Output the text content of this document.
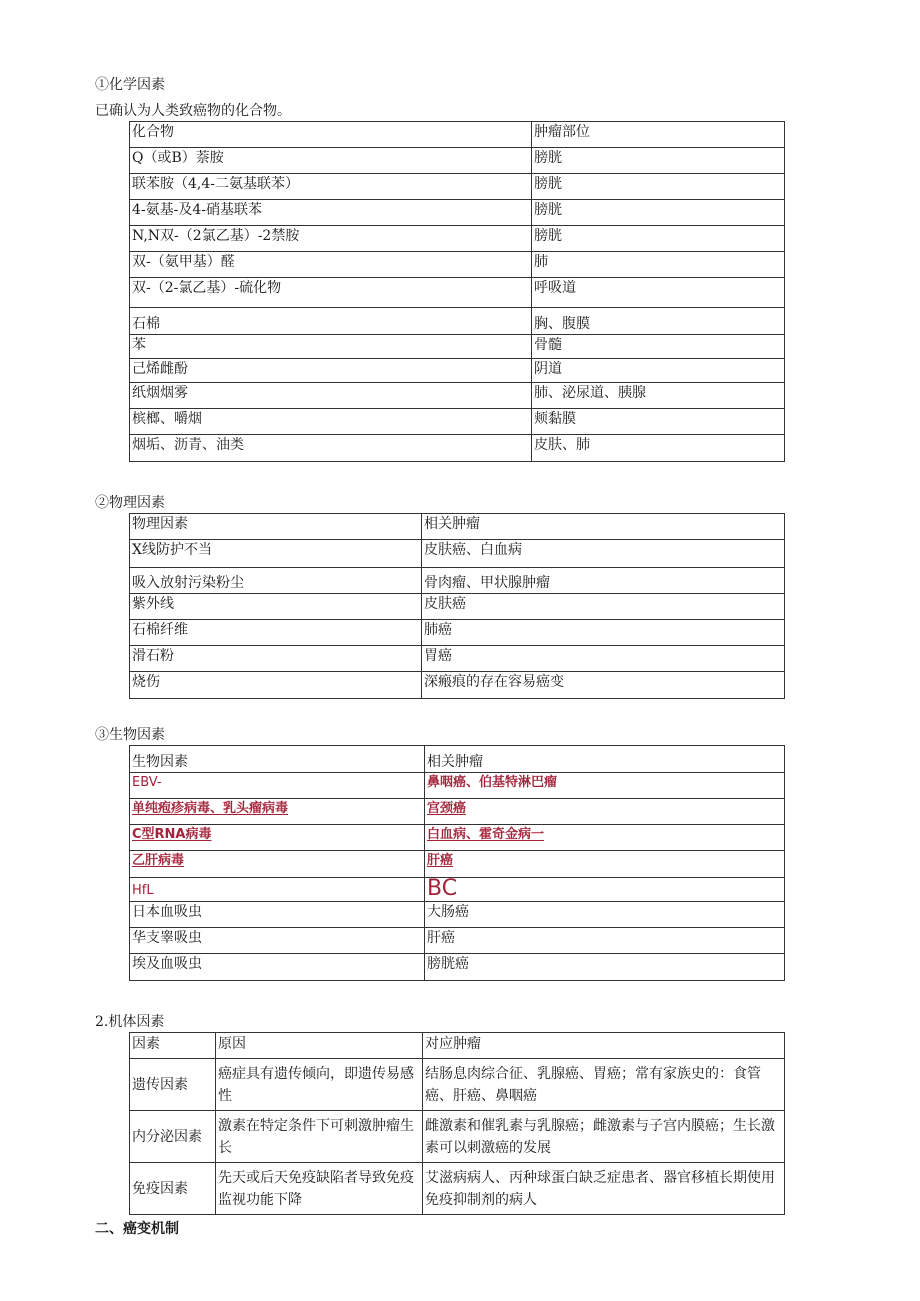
①化学因素
已确认为人类致癌物的化合物。
化合物	肿瘤部位
Q（或B）萘胺	膀胱
联苯胺（4,4-二氨基联苯）	膀胱
4-氨基-及4-硝基联苯	膀胱
N,N双-（2氯乙基）-2禁胺	膀胱
双-（氨甲基）醛	肺
双-（2-氯乙基）-硫化物	呼吸道
石棉	胸、腹膜
苯	骨髓
己烯雌酚	阴道
纸烟烟雾	肺、泌尿道、胰腺
槟榔、嚼烟	颊黏膜
烟垢、沥青、油类	皮肤、肺
②物理因素
物理因素	相关肿瘤
X线防护不当	皮肤癌、白血病
吸入放射污染粉尘	骨肉瘤、甲状腺肿瘤
紫外线	皮肤癌
石棉纤维	肺癌
滑石粉	胃癌
烧伤	深瘢痕的存在容易癌变
③生物因素
生物因素	相关肿瘤
EBV-	鼻咽癌、伯基特淋巴瘤
单纯疱疹病毒、乳头瘤病毒	宫颈癌
C型RNA病毒	白血病、霍奇金病一
乙肝病毒	肝癌
HfL	BC
日本血吸虫	大肠癌
华支睾吸虫	肝癌
埃及血吸虫	膀胱癌
2.机体因素
因素	原因	对应肿瘤
遗传因素	癌症具有遗传倾向，即遗传易感性	结肠息肉综合征、乳腺癌、胃癌；常有家族史的：食管癌、肝癌、鼻咽癌
内分泌因素	激素在特定条件下可刺激肿瘤生长	雌激素和催乳素与乳腺癌；雌激素与子宫内膜癌；生长激素可以刺激癌的发展
免疫因素	先天或后天免疫缺陷者导致免疫监视功能下降	艾滋病病人、丙种球蛋白缺乏症患者、器官移植长期使用免疫抑制剂的病人
二、癌变机制
